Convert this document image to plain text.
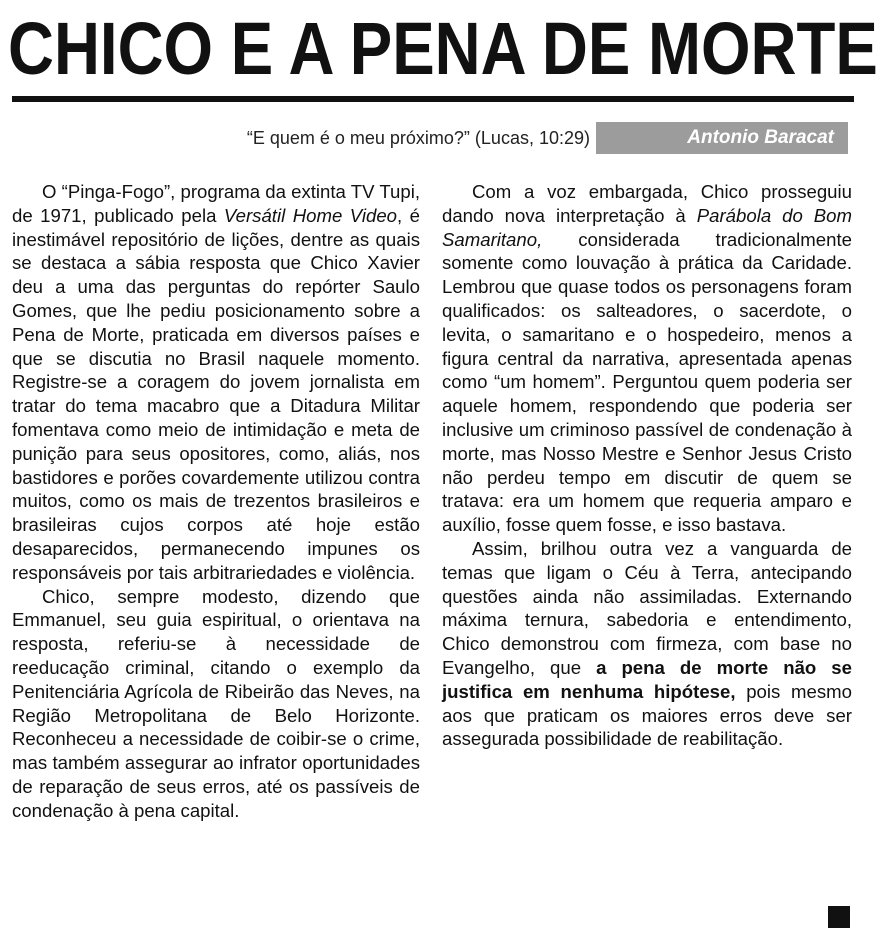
CHICO E A PENA DE MORTE
“E quem é o meu próximo?” (Lucas, 10:29)	Antonio Baracat

O “Pinga-Fogo”, programa da extinta TV Tupi, de 1971, publicado pela Versátil Home Video, é inestimável repositório de lições, dentre as quais se destaca a sábia resposta que Chico Xavier deu a uma das perguntas do repórter Saulo Gomes, que lhe pediu posicionamento sobre a Pena de Morte, praticada em diversos países e que se discutia no Brasil naquele momento. Registre-se a coragem do jovem jornalista em tratar do tema macabro que a Ditadura Militar fomentava como meio de intimidação e meta de punição para seus opositores, como, aliás, nos bastidores e porões covardemente utilizou contra muitos, como os mais de trezentos brasileiros e brasileiras cujos corpos até hoje estão desaparecidos, permanecendo impunes os responsáveis por tais arbitrariedades e violência.

Chico, sempre modesto, dizendo que Emmanuel, seu guia espiritual, o orientava na resposta, referiu-se à necessidade de reeducação criminal, citando o exemplo da Penitenciária Agrícola de Ribeirão das Neves, na Região Metropolitana de Belo Horizonte. Reconheceu a necessidade de coibir-se o crime, mas também assegurar ao infrator oportunidades de reparação de seus erros, até os passíveis de condenação à pena capital.

Com a voz embargada, Chico prosseguiu dando nova interpretação à Parábola do Bom Samaritano, considerada tradicionalmente somente como louvação à prática da Caridade. Lembrou que quase todos os personagens foram qualificados: os salteadores, o sacerdote, o levita, o samaritano e o hospedeiro, menos a figura central da narrativa, apresentada apenas como “um homem”. Perguntou quem poderia ser aquele homem, respondendo que poderia ser inclusive um criminoso passível de condenação à morte, mas Nosso Mestre e Senhor Jesus Cristo não perdeu tempo em discutir de quem se tratava: era um homem que requeria amparo e auxílio, fosse quem fosse, e isso bastava.

Assim, brilhou outra vez a vanguarda de temas que ligam o Céu à Terra, antecipando questões ainda não assimiladas. Externando máxima ternura, sabedoria e entendimento, Chico demonstrou com firmeza, com base no Evangelho, que a pena de morte não se justifica em nenhuma hipótese, pois mesmo aos que praticam os maiores erros deve ser assegurada possibilidade de reabilitação.
